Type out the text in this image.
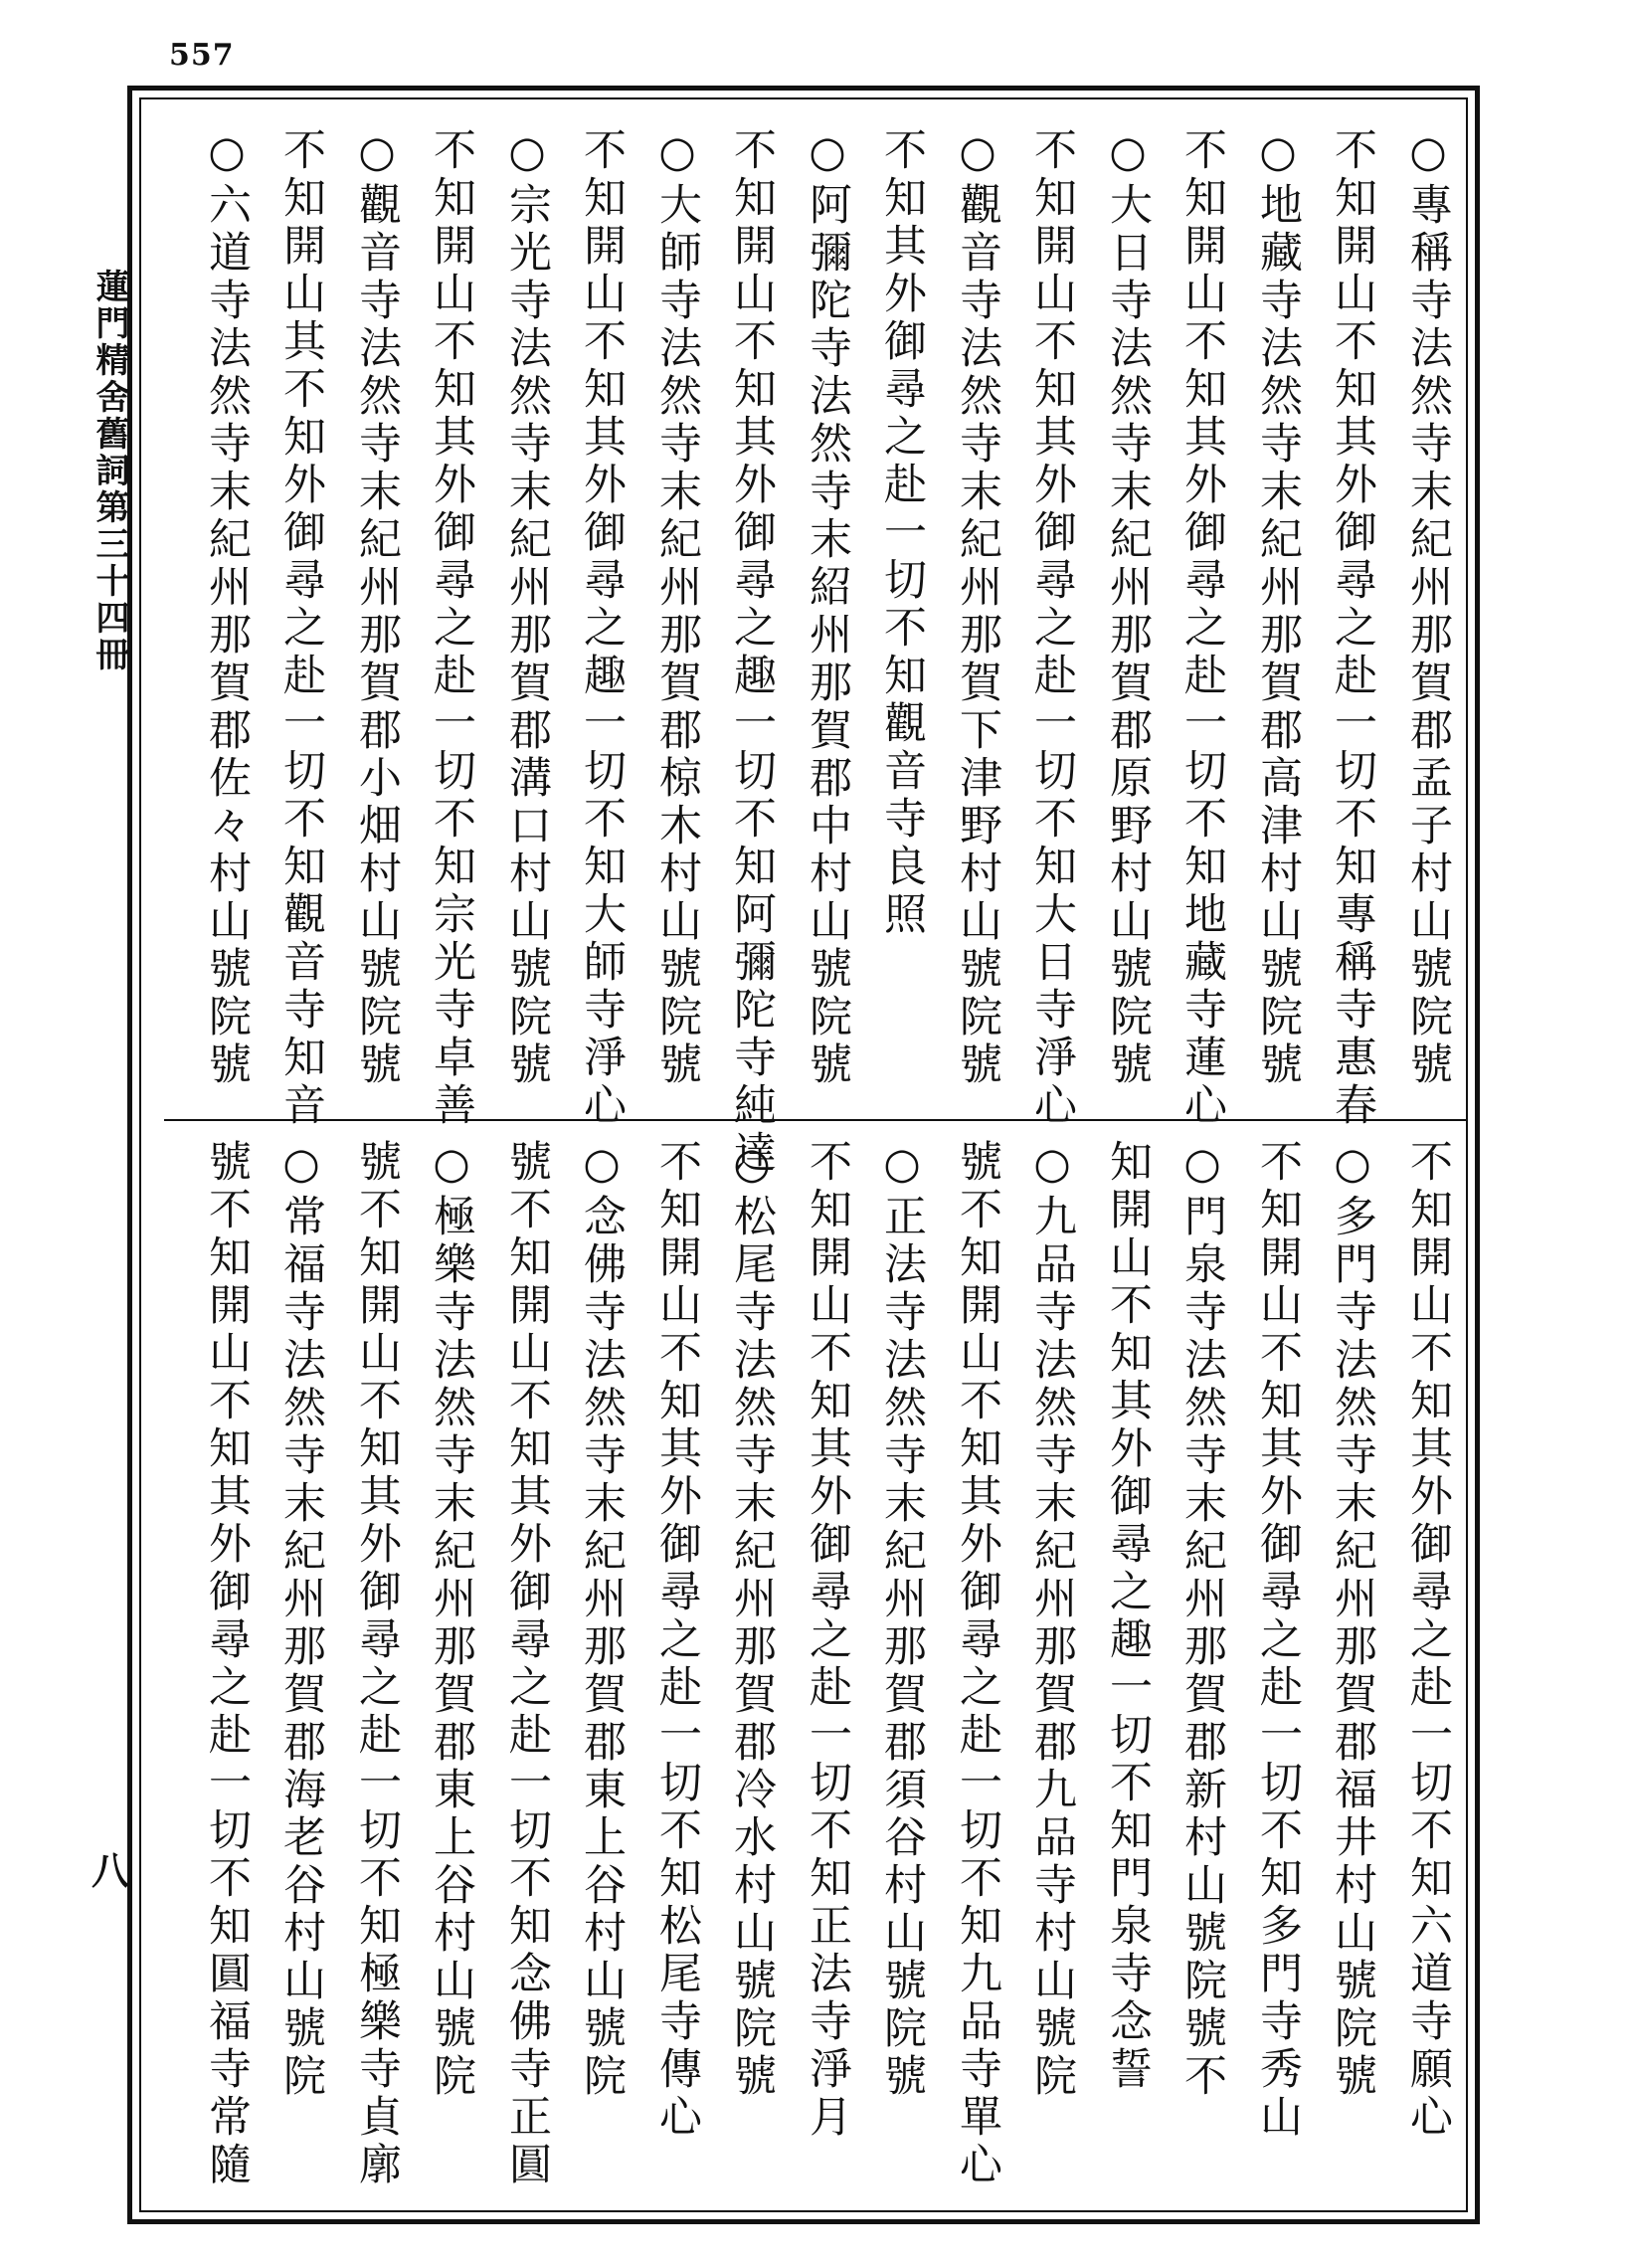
557
蓮門精舍舊詞第三十四冊
八
○專稱寺法然寺末紀州那賀郡孟子村山號院號
不知開山不知其外御尋之赴一切不知專稱寺惠春
○地藏寺法然寺末紀州那賀郡高津村山號院號
不知開山不知其外御尋之赴一切不知地藏寺蓮心
○大日寺法然寺末紀州那賀郡原野村山號院號
不知開山不知其外御尋之赴一切不知大日寺淨心
○觀音寺法然寺末紀州那賀下津野村山號院號
不知其外御尋之赴一切不知觀音寺良照
○阿彌陀寺法然寺末紹州那賀郡中村山號院號
不知開山不知其外御尋之趣一切不知阿彌陀寺純達
○大師寺法然寺末紀州那賀郡椋木村山號院號
不知開山不知其外御尋之趣一切不知大師寺淨心
○宗光寺法然寺末紀州那賀郡溝口村山號院號
不知開山不知其外御尋之赴一切不知宗光寺卓善
○觀音寺法然寺末紀州那賀郡小畑村山號院號
不知開山其不知外御尋之赴一切不知觀音寺知音
○六道寺法然寺末紀州那賀郡佐々村山號院號
不知開山不知其外御尋之赴一切不知六道寺願心
○多門寺法然寺末紀州那賀郡福井村山號院號
不知開山不知其外御尋之赴一切不知多門寺秀山
○門泉寺法然寺末紀州那賀郡新村山號院號不
知開山不知其外御尋之趣一切不知門泉寺念誓
○九品寺法然寺末紀州那賀郡九品寺村山號院
號不知開山不知其外御尋之赴一切不知九品寺單心
○正法寺法然寺末紀州那賀郡須谷村山號院號
不知開山不知其外御尋之赴一切不知正法寺淨月
○松尾寺法然寺末紀州那賀郡冷水村山號院號
不知開山不知其外御尋之赴一切不知松尾寺傳心
○念佛寺法然寺末紀州那賀郡東上谷村山號院
號不知開山不知其外御尋之赴一切不知念佛寺正圓
○極樂寺法然寺末紀州那賀郡東上谷村山號院
號不知開山不知其外御尋之赴一切不知極樂寺貞廓
○常福寺法然寺末紀州那賀郡海老谷村山號院
號不知開山不知其外御尋之赴一切不知圓福寺常隨
